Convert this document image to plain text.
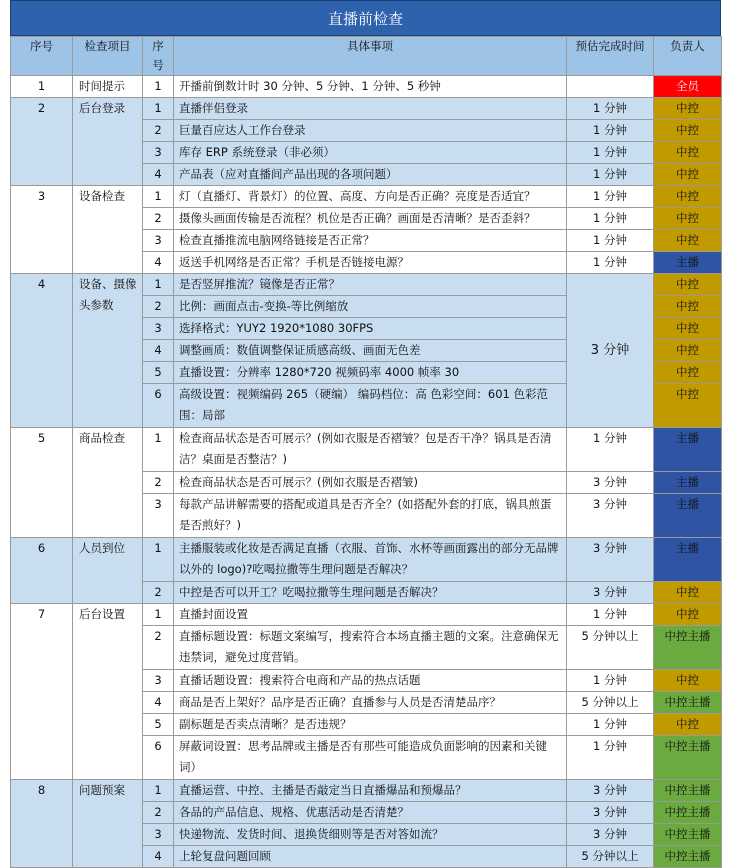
直播前检查
序号	检查项目	序号	具体事项	预估完成时间	负责人
1	时间提示	1	开播前倒数计时 30 分钟、5 分钟、1 分钟、5 秒钟		全员
2	后台登录	1	直播伴侣登录	1 分钟	中控
		2	巨量百应达人工作台登录	1 分钟	中控
		3	库存 ERP 系统登录（非必须）	1 分钟	中控
		4	产品表（应对直播间产品出现的各项问题）	1 分钟	中控
3	设备检查	1	灯（直播灯、背景灯）的位置、高度、方向是否正确？亮度是否适宜？	1 分钟	中控
		2	摄像头画面传输是否流程？机位是否正确？画面是否清晰？是否歪斜？	1 分钟	中控
		3	检查直播推流电脑网络链接是否正常？	1 分钟	中控
		4	返送手机网络是否正常？手机是否链接电源？	1 分钟	主播
4	设备、摄像头参数	1	是否竖屏推流？镜像是否正常？	3 分钟	中控
		2	比例：画面点击-变换-等比例缩放		中控
		3	选择格式：YUY2 1920*1080 30FPS		中控
		4	调整画质：数值调整保证质感高级、画面无色差		中控
		5	直播设置：分辨率 1280*720 视频码率 4000 帧率 30		中控
		6	高级设置：视频编码 265（硬编） 编码档位：高 色彩空间：601 色彩范围：局部		中控
5	商品检查	1	检查商品状态是否可展示？(例如衣服是否褶皱？包是否干净？锅具是否清洁？桌面是否整洁？)	1 分钟	主播
		2	检查商品状态是否可展示？(例如衣服是否褶皱)	3 分钟	主播
		3	每款产品讲解需要的搭配或道具是否齐全？(如搭配外套的打底，锅具煎蛋是否煎好？)	3 分钟	主播
6	人员到位	1	主播服装或化妆是否满足直播（衣服、首饰、水杯等画面露出的部分无品牌以外的 logo)?吃喝拉撒等生理问题是否解决？	3 分钟	主播
		2	中控是否可以开工？吃喝拉撒等生理问题是否解决？	3 分钟	中控
7	后台设置	1	直播封面设置	1 分钟	中控
		2	直播标题设置：标题文案编写，搜索符合本场直播主题的文案。注意确保无违禁词，避免过度营销。	5 分钟以上	中控主播
		3	直播话题设置：搜索符合电商和产品的热点话题	1 分钟	中控
		4	商品是否上架好？品序是否正确？直播参与人员是否清楚品序？	5 分钟以上	中控主播
		5	副标题是否卖点清晰？是否违规？	1 分钟	中控
		6	屏蔽词设置：思考品牌或主播是否有那些可能造成负面影响的因素和关键词）	1 分钟	中控主播
8	问题预案	1	直播运营、中控、主播是否敲定当日直播爆品和预爆品？	3 分钟	中控主播
		2	各品的产品信息、规格、优惠活动是否清楚？	3 分钟	中控主播
		3	快递物流、发货时间、退换货细则等是否对答如流？	3 分钟	中控主播
		4	上轮复盘问题回顾	5 分钟以上	中控主播
